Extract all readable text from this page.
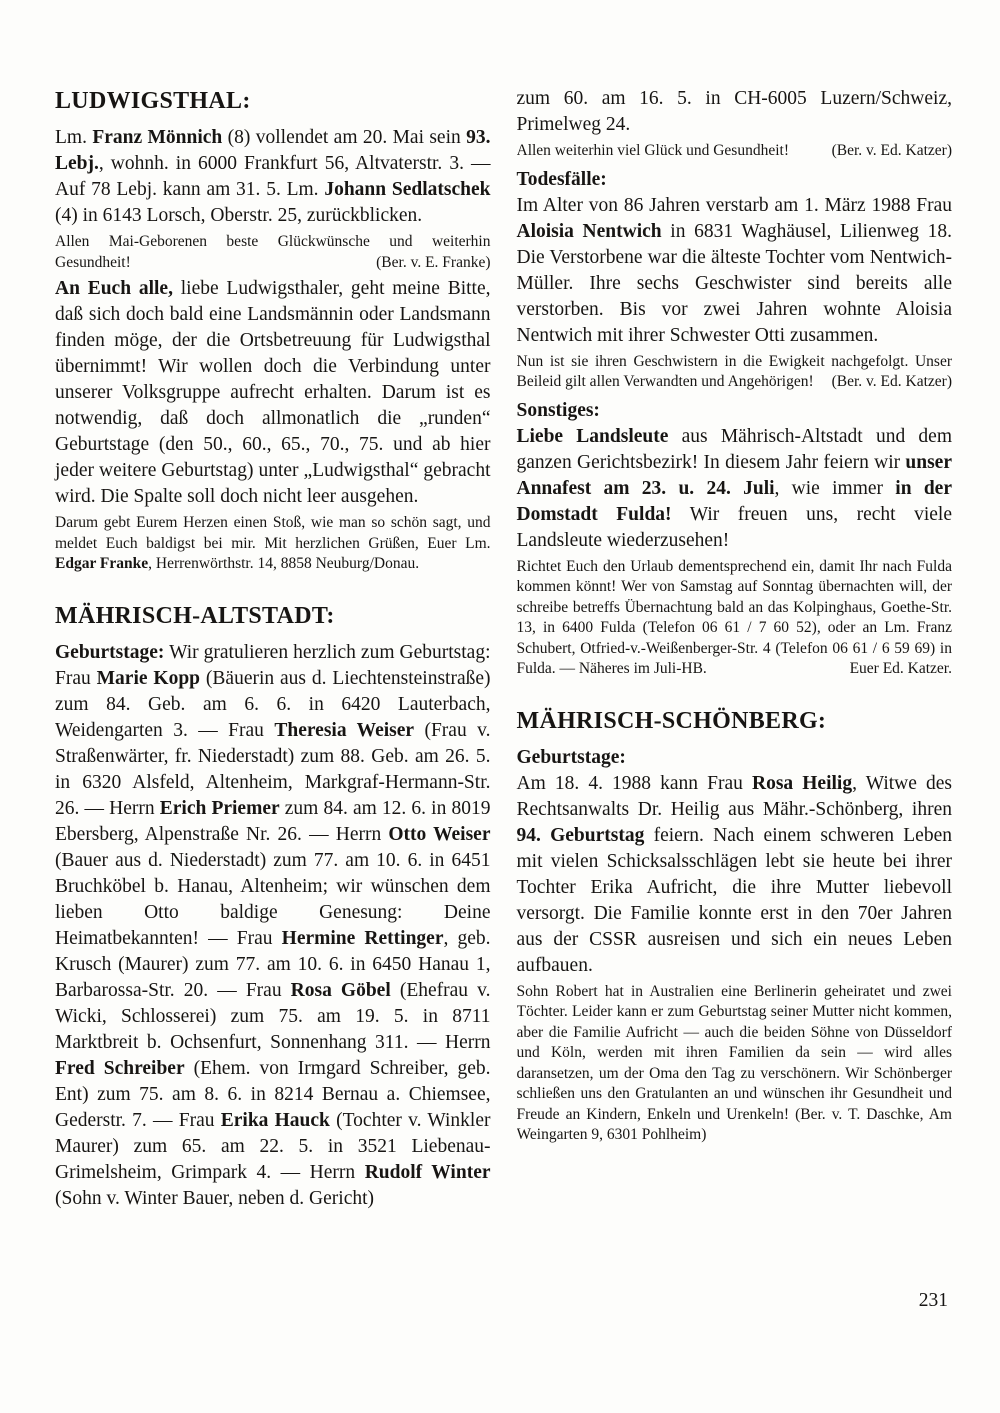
LUDWIGSTHAL:

Lm. Franz Mönnich (8) vollendet am 20. Mai sein 93. Lebj., wohnh. in 6000 Frankfurt 56, Altvaterstr. 3. — Auf 78 Lebj. kann am 31. 5. Lm. Johann Sedlatschek (4) in 6143 Lorsch, Oberstr. 25, zurückblicken.

Allen Mai-Geborenen beste Glückwünsche und weiterhin Gesundheit!	(Ber. v. E. Franke)

An Euch alle, liebe Ludwigsthaler, geht meine Bitte, daß sich doch bald eine Landsmännin oder Landsmann finden möge, der die Ortsbetreuung für Ludwigsthal übernimmt! Wir wollen doch die Verbindung unter unserer Volksgruppe aufrecht erhalten. Darum ist es notwendig, daß doch allmonatlich die „runden“ Geburtstage (den 50., 60., 65., 70., 75. und ab hier jeder weitere Geburtstag) unter „Ludwigsthal“ gebracht wird. Die Spalte soll doch nicht leer ausgehen.

Darum gebt Eurem Herzen einen Stoß, wie man so schön sagt, und meldet Euch baldigst bei mir. Mit herzlichen Grüßen, Euer Lm. Edgar Franke, Herrenwörthstr. 14, 8858 Neuburg/Donau.

MÄHRISCH-ALTSTADT:

Geburtstage: Wir gratulieren herzlich zum Geburtstag: Frau Marie Kopp (Bäuerin aus d. Liechtensteinstraße) zum 84. Geb. am 6. 6. in 6420 Lauterbach, Weidengarten 3. — Frau Theresia Weiser (Frau v. Straßenwärter, fr. Niederstadt) zum 88. Geb. am 26. 5. in 6320 Alsfeld, Altenheim, Markgraf-Hermann-Str. 26. — Herrn Erich Priemer zum 84. am 12. 6. in 8019 Ebersberg, Alpenstraße Nr. 26. — Herrn Otto Weiser (Bauer aus d. Niederstadt) zum 77. am 10. 6. in 6451 Bruchköbel b. Hanau, Altenheim; wir wünschen dem lieben Otto baldige Genesung: Deine Heimatbekannten! — Frau Hermine Rettinger, geb. Krusch (Maurer) zum 77. am 10. 6. in 6450 Hanau 1, Barbarossa-Str. 20. — Frau Rosa Göbel (Ehefrau v. Wicki, Schlosserei) zum 75. am 19. 5. in 8711 Marktbreit b. Ochsenfurt, Sonnenhang 311. — Herrn Fred Schreiber (Ehem. von Irmgard Schreiber, geb. Ent) zum 75. am 8. 6. in 8214 Bernau a. Chiemsee, Gederstr. 7. — Frau Erika Hauck (Tochter v. Winkler Maurer) zum 65. am 22. 5. in 3521 Liebenau-Grimelsheim, Grimpark 4. — Herrn Rudolf Winter (Sohn v. Winter Bauer, neben d. Gericht)

zum 60. am 16. 5. in CH-6005 Luzern/Schweiz, Primelweg 24.

Allen weiterhin viel Glück und Gesundheit!	(Ber. v. Ed. Katzer)

Todesfälle:

Im Alter von 86 Jahren verstarb am 1. März 1988 Frau Aloisia Nentwich in 6831 Waghäusel, Lilienweg 18. Die Verstorbene war die älteste Tochter vom Nentwich-Müller. Ihre sechs Geschwister sind bereits alle verstorben. Bis vor zwei Jahren wohnte Aloisia Nentwich mit ihrer Schwester Otti zusammen.

Nun ist sie ihren Geschwistern in die Ewigkeit nachgefolgt. Unser Beileid gilt allen Verwandten und Angehörigen! (Ber. v. Ed. Katzer)

Sonstiges:

Liebe Landsleute aus Mährisch-Altstadt und dem ganzen Gerichtsbezirk! In diesem Jahr feiern wir unser Annafest am 23. u. 24. Juli, wie immer in der Domstadt Fulda! Wir freuen uns, recht viele Landsleute wiederzusehen!

Richtet Euch den Urlaub dementsprechend ein, damit Ihr nach Fulda kommen könnt! Wer von Samstag auf Sonntag übernachten will, der schreibe betreffs Übernachtung bald an das Kolpinghaus, Goethe-Str. 13, in 6400 Fulda (Telefon 06 61 / 7 60 52), oder an Lm. Franz Schubert, Otfried-v.-Weißenberger-Str. 4 (Telefon 06 61 / 6 59 69) in Fulda. — Näheres im Juli-HB.	Euer Ed. Katzer.

MÄHRISCH-SCHÖNBERG:

Geburtstage:

Am 18. 4. 1988 kann Frau Rosa Heilig, Witwe des Rechtsanwalts Dr. Heilig aus Mähr.-Schönberg, ihren 94. Geburtstag feiern. Nach einem schweren Leben mit vielen Schicksalsschlägen lebt sie heute bei ihrer Tochter Erika Aufricht, die ihre Mutter liebevoll versorgt. Die Familie konnte erst in den 70er Jahren aus der CSSR ausreisen und sich ein neues Leben aufbauen.

Sohn Robert hat in Australien eine Berlinerin geheiratet und zwei Töchter. Leider kann er zum Geburtstag seiner Mutter nicht kommen, aber die Familie Aufricht — auch die beiden Söhne von Düsseldorf und Köln, werden mit ihren Familien da sein — wird alles daransetzen, um der Oma den Tag zu verschönern. Wir Schönberger schließen uns den Gratulanten an und wünschen ihr Gesundheit und Freude an Kindern, Enkeln und Urenkeln! (Ber. v. T. Daschke, Am Weingarten 9, 6301 Pohlheim)

231
